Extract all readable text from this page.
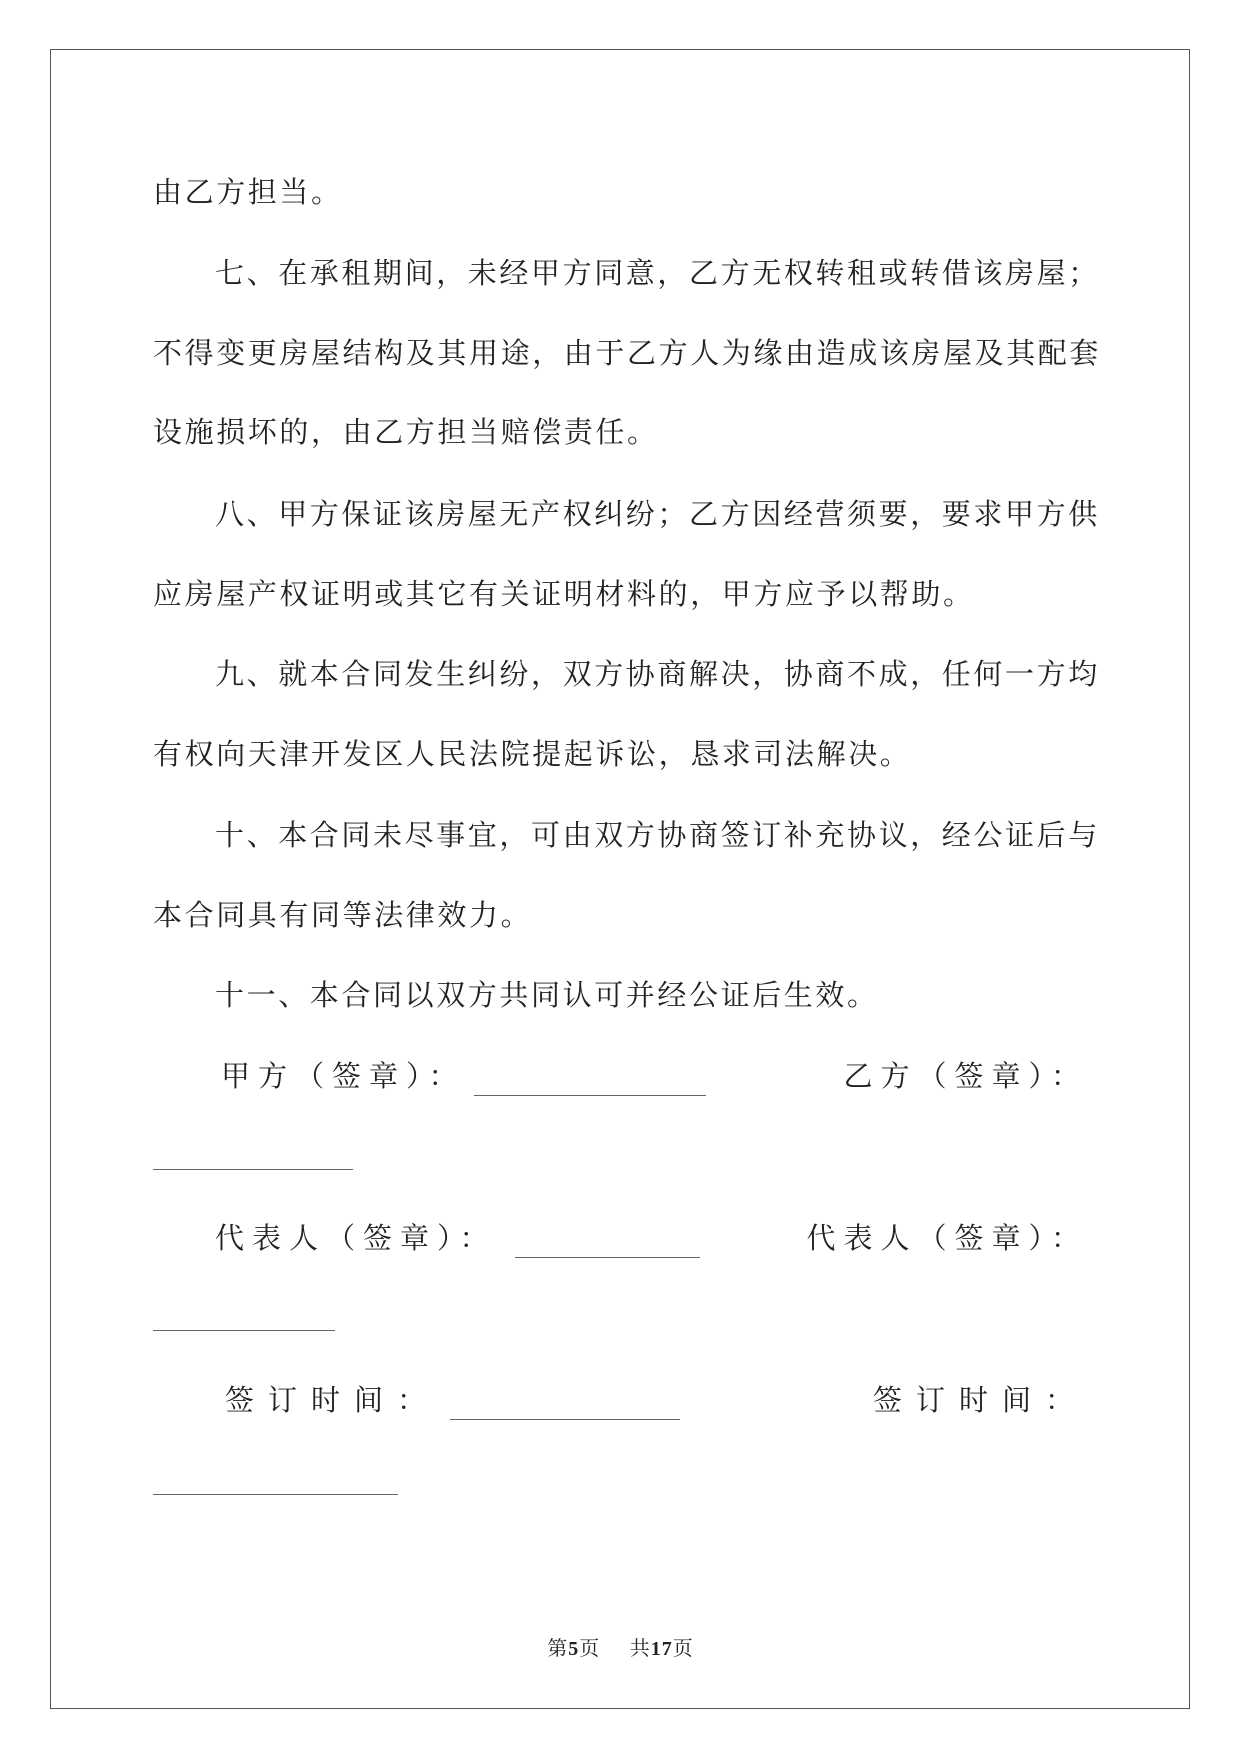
由乙方担当。
七、在承租期间，未经甲方同意，乙方无权转租或转借该房屋；
不得变更房屋结构及其用途，由于乙方人为缘由造成该房屋及其配套
设施损坏的，由乙方担当赔偿责任。
八、甲方保证该房屋无产权纠纷；乙方因经营须要，要求甲方供
应房屋产权证明或其它有关证明材料的，甲方应予以帮助。
九、就本合同发生纠纷，双方协商解决，协商不成，任何一方均
有权向天津开发区人民法院提起诉讼，恳求司法解决。
十、本合同未尽事宜，可由双方协商签订补充协议，经公证后与
本合同具有同等法律效力。
十一、本合同以双方共同认可并经公证后生效。
甲方（签章）：	乙方（签章）：
代表人（签章）：	代表人（签章）：
签订时间：	签订时间：
第5页 共17页
